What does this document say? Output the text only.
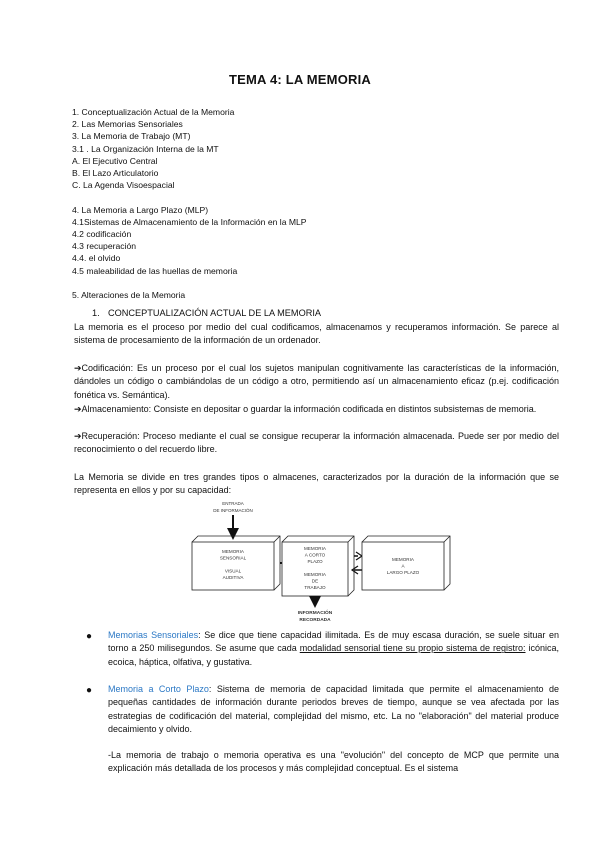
TEMA 4: LA MEMORIA
1. Conceptualización Actual de la Memoria
2. Las Memorias Sensoriales
3. La Memoria de Trabajo (MT)
3.1 . La Organización Interna de la MT
A. El Ejecutivo Central
B. El Lazo Articulatorio
C. La Agenda Visoespacial
4. La Memoria a Largo Plazo (MLP)
4.1Sistemas de Almacenamiento de la Información en la MLP
4.2 codificación
4.3 recuperación
4.4. el olvido
4.5 maleabilidad de las huellas de memoria
5. Alteraciones de la Memoria

1. CONCEPTUALIZACIÓN ACTUAL DE LA MEMORIA

La memoria es el proceso por medio del cual codificamos, almacenamos y recuperamos información. Se parece al sistema de procesamiento de la información de un ordenador.

➔Codificación: Es un proceso por el cual los sujetos manipulan cognitivamente las características de la información, dándoles un código o cambiándolas de un código a otro, permitiendo así un almacenamiento eficaz (p.ej. codificación fonética vs. Semántica).

➔Almacenamiento: Consiste en depositar o guardar la información codificada en distintos subsistemas de memoria.

➔Recuperación: Proceso mediante el cual se consigue recuperar la información almacenada. Puede ser por medio del reconocimiento o del recuerdo libre.

La Memoria se divide en tres grandes tipos o almacenes, caracterizados por la duración de la información que se representa en ellos y por su capacidad:

ENTRADA
DE INFORMACIÓN
MEMORIA
SENSORIAL
VISUAL
AUDITIVA
MEMORIA
A CORTO
PLAZO
MEMORIA
DE
TRABAJO
MEMORIA
A
LARGO PLAZO
INFORMACIÓN
RECORDADA
● Memorias Sensoriales: Se dice que tiene capacidad ilimitada. Es de muy escasa duración, se suele situar en torno a 250 milisegundos. Se asume que cada modalidad sensorial tiene su propio sistema de registro: icónica, ecoica, háptica, olfativa, y gustativa.

● Memoria a Corto Plazo: Sistema de memoria de capacidad limitada que permite el almacenamiento de pequeñas cantidades de información durante periodos breves de tiempo, aunque se vea afectada por las estrategias de codificación del material, complejidad del mismo, etc. La no "elaboración" del material produce decaimiento y olvido.

-La memoria de trabajo o memoria operativa es una "evolución" del concepto de MCP que permite una explicación más detallada de los procesos y más complejidad conceptual. Es el sistema
